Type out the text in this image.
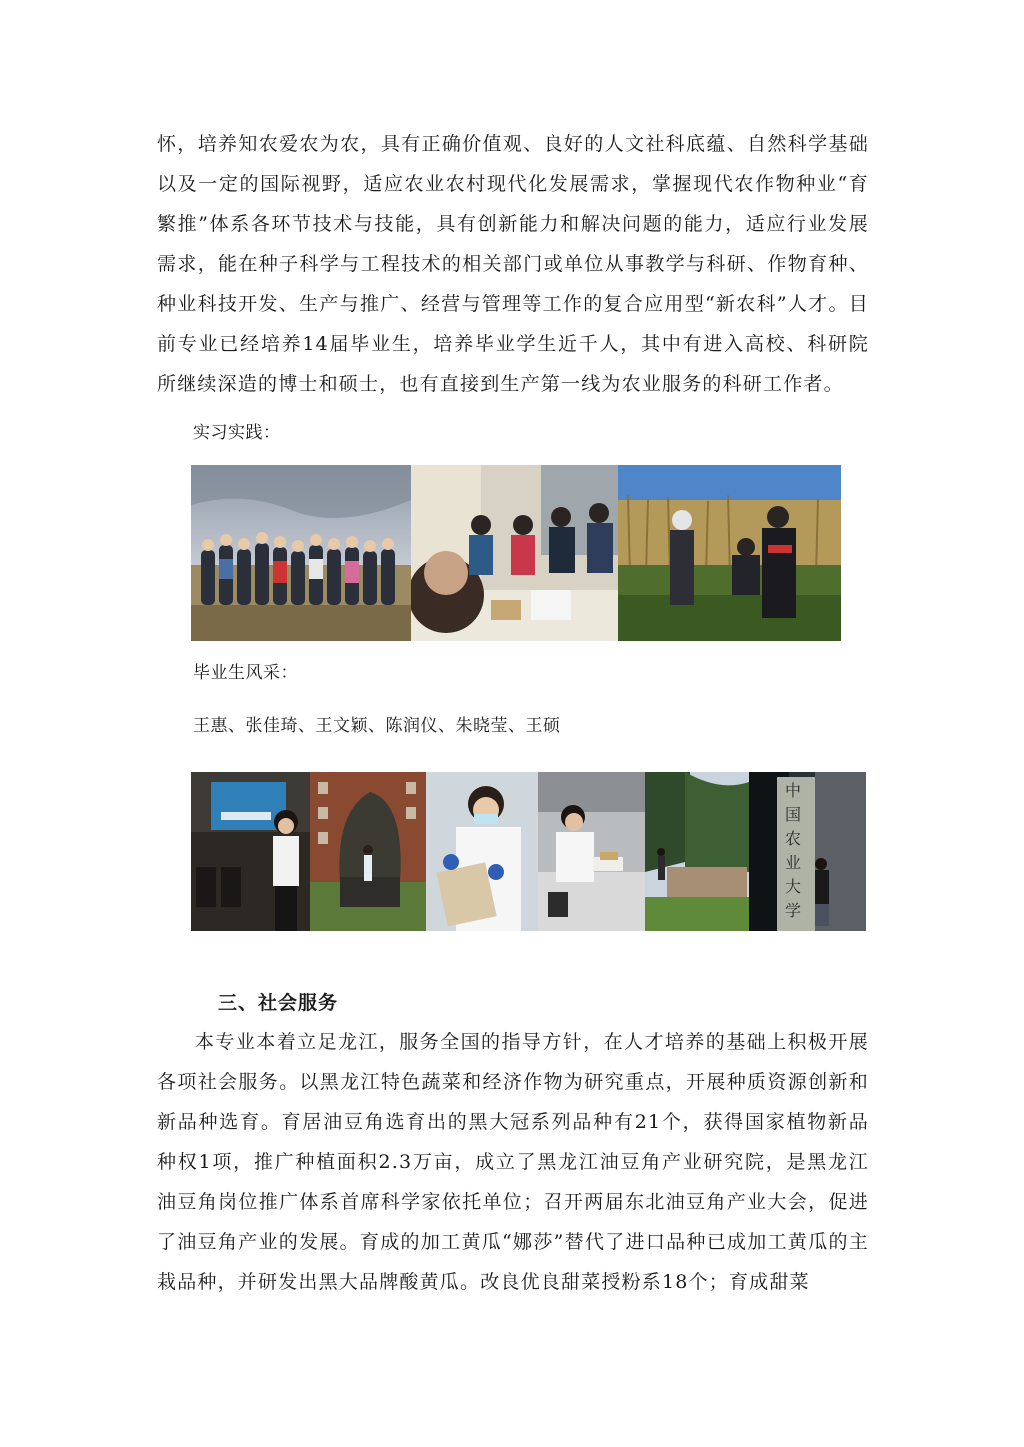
怀，培养知农爱农为农，具有正确价值观、良好的人文社科底蕴、自然科学基础以及一定的国际视野，适应农业农村现代化发展需求，掌握现代农作物种业“育繁推”体系各环节技术与技能，具有创新能力和解决问题的能力，适应行业发展需求，能在种子科学与工程技术的相关部门或单位从事教学与科研、作物育种、种业科技开发、生产与推广、经营与管理等工作的复合应用型“新农科”人才。目前专业已经培养14届毕业生，培养毕业学生近千人，其中有进入高校、科研院所继续深造的博士和硕士，也有直接到生产第一线为农业服务的科研工作者。

实习实践：

毕业生风采：

王惠、张佳琦、王文颖、陈润仪、朱晓莹、王硕

中国农业大学
三、社会服务

本专业本着立足龙江，服务全国的指导方针，在人才培养的基础上积极开展各项社会服务。以黑龙江特色蔬菜和经济作物为研究重点，开展种质资源创新和新品种选育。育居油豆角选育出的黑大冠系列品种有21个，获得国家植物新品种权1项，推广种植面积2.3万亩，成立了黑龙江油豆角产业研究院，是黑龙江油豆角岗位推广体系首席科学家依托单位；召开两届东北油豆角产业大会，促进了油豆角产业的发展。育成的加工黄瓜“娜莎”替代了进口品种已成加工黄瓜的主栽品种，并研发出黑大品牌酸黄瓜。改良优良甜菜授粉系18个；育成甜菜
